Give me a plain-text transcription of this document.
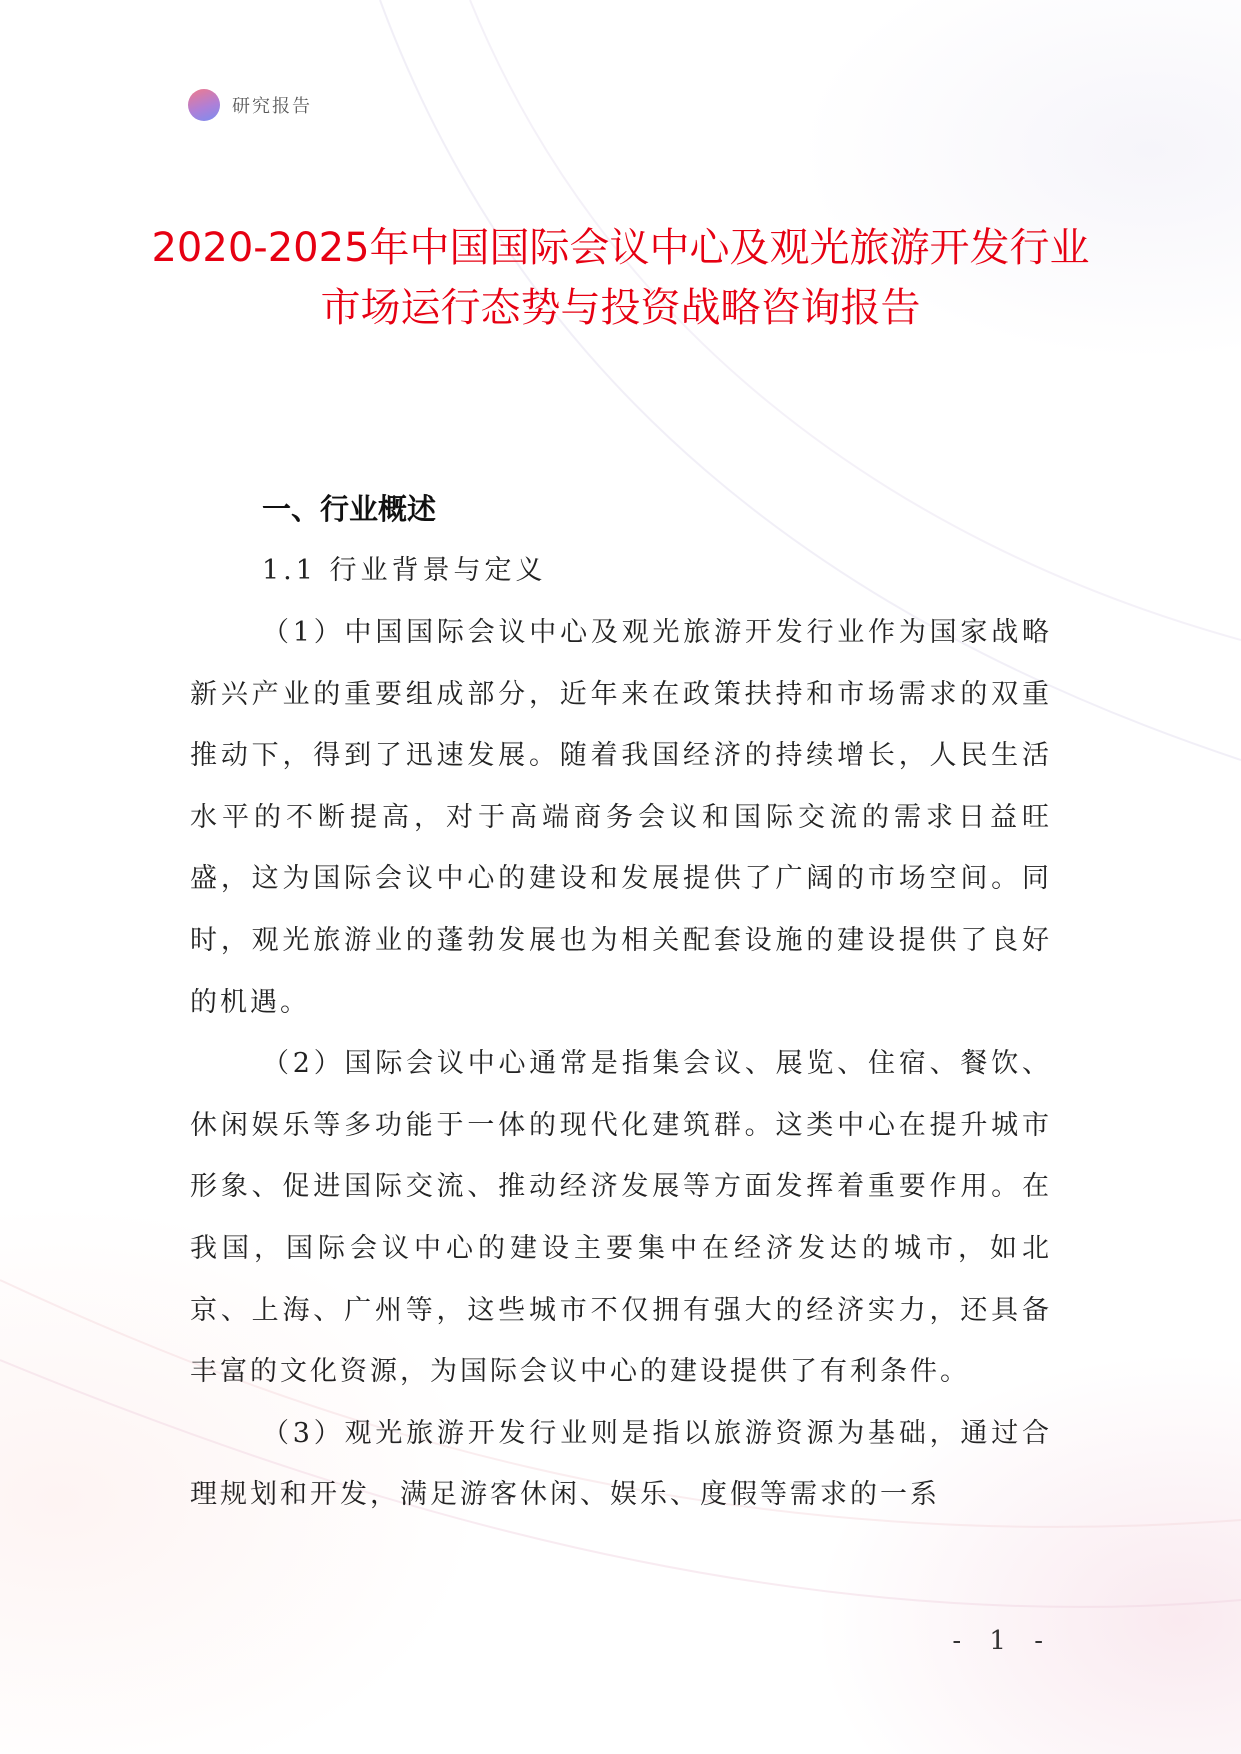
研究报告
2020-2025年中国国际会议中心及观光旅游开发行业市场运行态势与投资战略咨询报告

一、行业概述

1.1 行业背景与定义

（1）中国国际会议中心及观光旅游开发行业作为国家战略新兴产业的重要组成部分，近年来在政策扶持和市场需求的双重推动下，得到了迅速发展。随着我国经济的持续增长，人民生活水平的不断提高，对于高端商务会议和国际交流的需求日益旺盛，这为国际会议中心的建设和发展提供了广阔的市场空间。同时，观光旅游业的蓬勃发展也为相关配套设施的建设提供了良好的机遇。

（2）国际会议中心通常是指集会议、展览、住宿、餐饮、休闲娱乐等多功能于一体的现代化建筑群。这类中心在提升城市形象、促进国际交流、推动经济发展等方面发挥着重要作用。在我国，国际会议中心的建设主要集中在经济发达的城市，如北京、上海、广州等，这些城市不仅拥有强大的经济实力，还具备丰富的文化资源，为国际会议中心的建设提供了有利条件。

（3）观光旅游开发行业则是指以旅游资源为基础，通过合理规划和开发，满足游客休闲、娱乐、度假等需求的一系

- 1 -
